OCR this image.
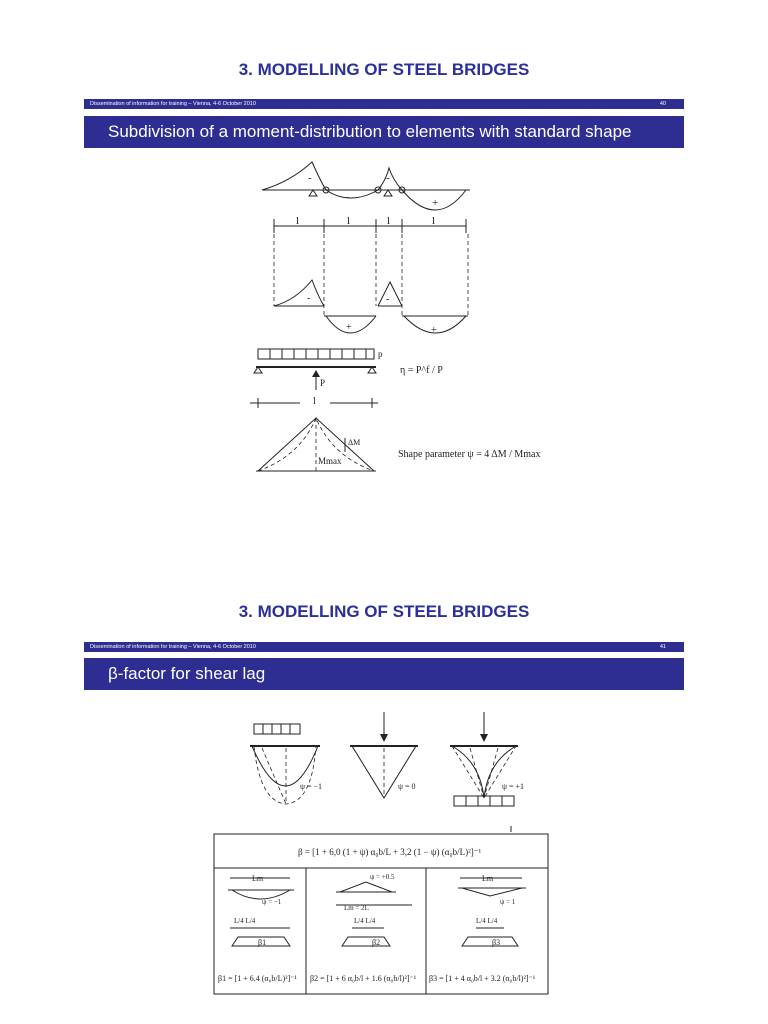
3. MODELLING OF STEEL BRIDGES
Dissemination of information for training – Vienna, 4-6 October 2010	40
Subdivision of a moment-distribution to elements with standard shape
-
-
-
+
l	l	l	l
-
+
-
+
p
P
l
η = P^f / P
ΔM
Mmax
Shape parameter ψ = 4 ΔM / Mmax
3. MODELLING OF STEEL BRIDGES
Dissemination of information for training – Vienna, 4-6 October 2010	41
β-factor for shear lag
ψ = −1	ψ = 0	ψ = +1
β = [1 + 6,0 (1 + ψ) α₀b/L + 3,2 (1 − ψ) (α₀b/L)²]⁻¹
Lm
ψ = −1
L/4 L/4
β1
β1 = [1 + 6.4 (α₀b/L)²]⁻¹
ψ = +0.5
Lm = 2L
L/4 L/4
β2
β2 = [1 + 6 α₀b/l + 1.6 (α₀b/l)²]⁻¹
Lm
ψ = 1
L/4 L/4
β3
β3 = [1 + 4 α₀b/l + 3.2 (α₀b/l)²]⁻¹
